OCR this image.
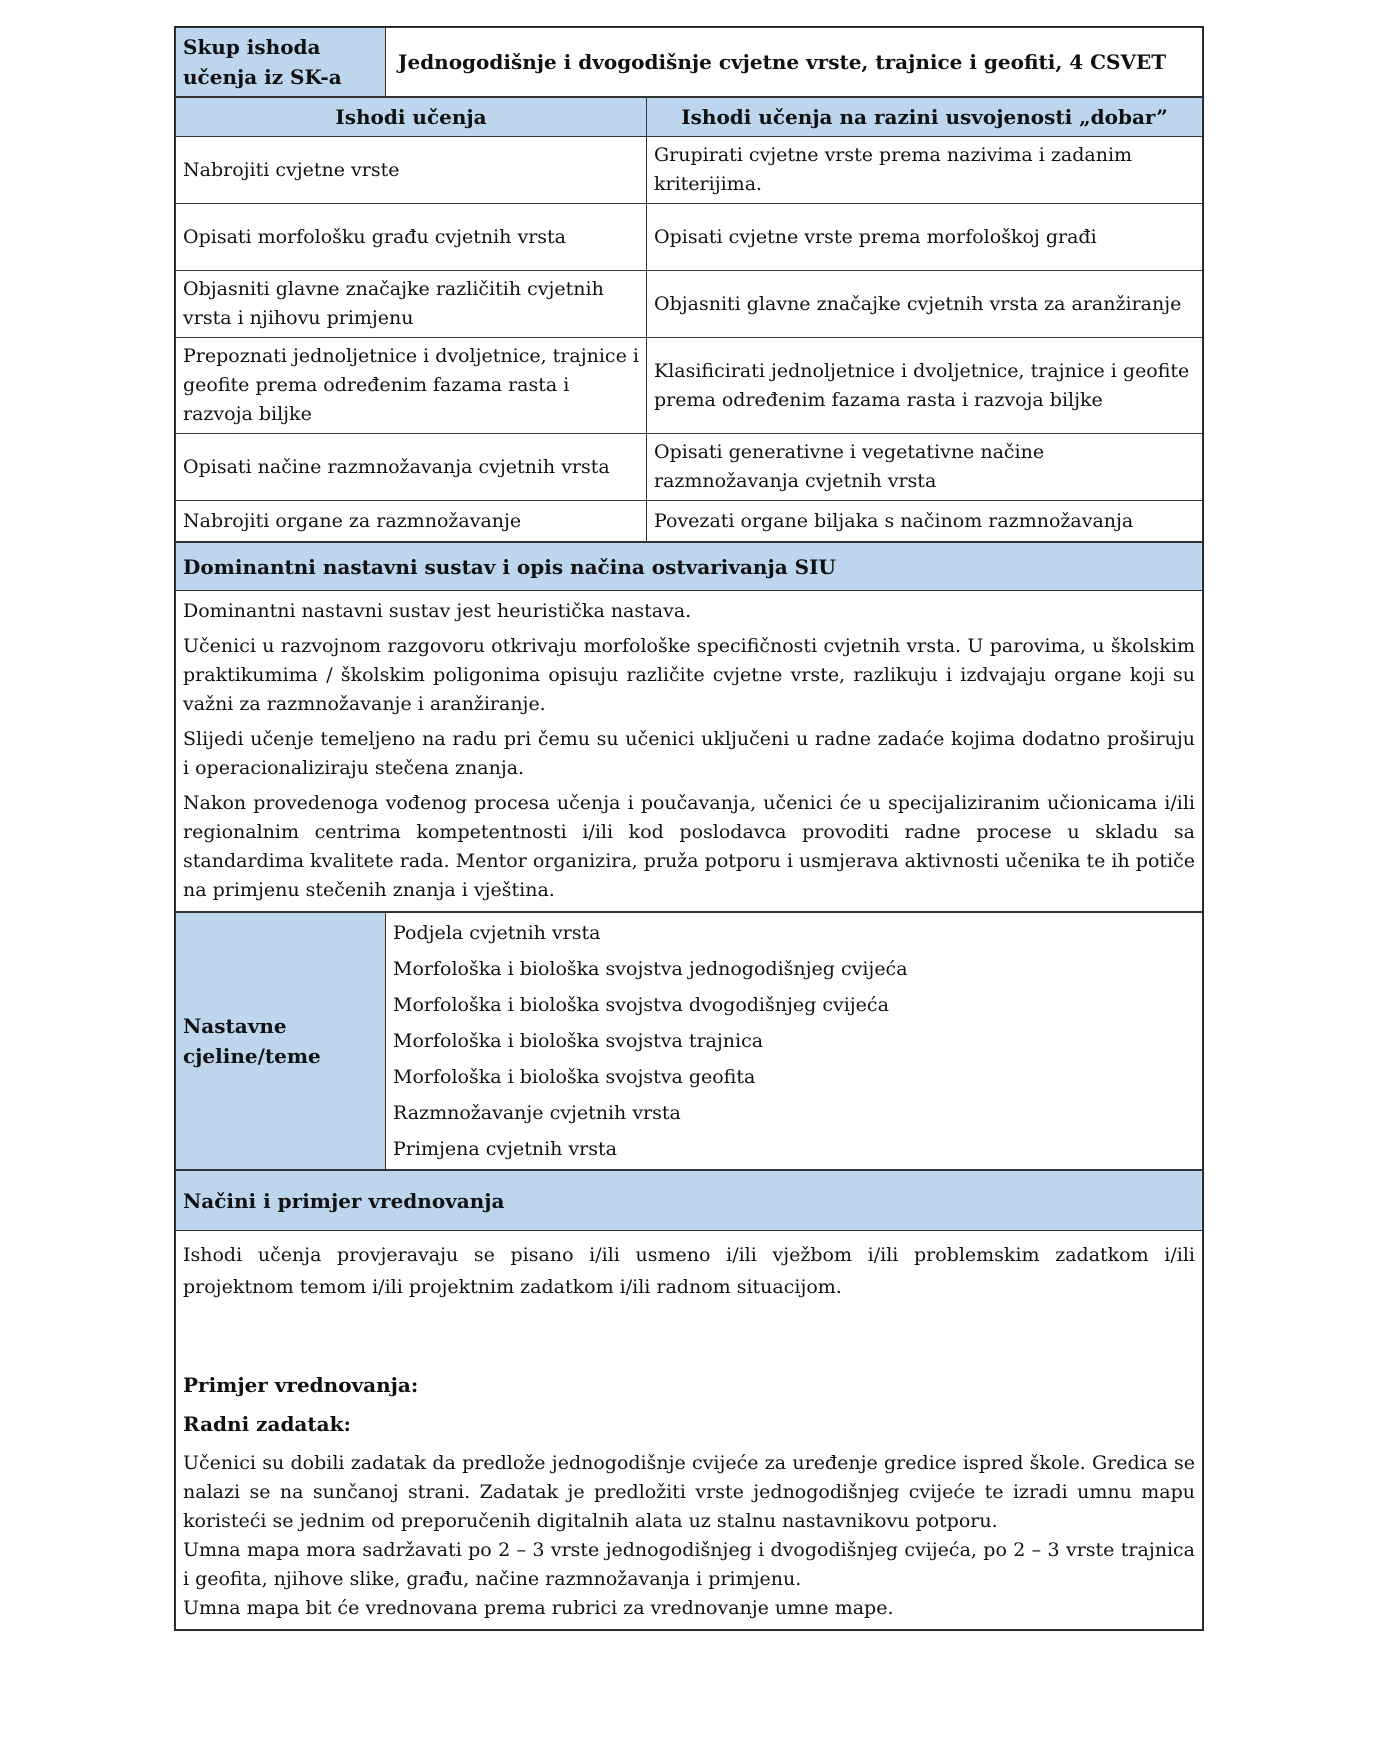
Skup ishoda učenja iz SK-a	Jednogodišnje i dvogodišnje cvjetne vrste, trajnice i geofiti, 4 CSVET
Ishodi učenja	Ishodi učenja na razini usvojenosti „dobar”
Nabrojiti cvjetne vrste	Grupirati cvjetne vrste prema nazivima i zadanim kriterijima.
Opisati morfološku građu cvjetnih vrsta	Opisati cvjetne vrste prema morfološkoj građi
Objasniti glavne značajke različitih cvjetnih vrsta i njihovu primjenu	Objasniti glavne značajke cvjetnih vrsta za aranžiranje
Prepoznati jednoljetnice i dvoljetnice, trajnice i geofite prema određenim fazama rasta i razvoja biljke	Klasificirati jednoljetnice i dvoljetnice, trajnice i geofite prema određenim fazama rasta i razvoja biljke
Opisati načine razmnožavanja cvjetnih vrsta	Opisati generativne i vegetativne načine razmnožavanja cvjetnih vrsta
Nabrojiti organe za razmnožavanje	Povezati organe biljaka s načinom razmnožavanja
Dominantni nastavni sustav i opis načina ostvarivanja SIU

Dominantni nastavni sustav jest heuristička nastava.

Učenici u razvojnom razgovoru otkrivaju morfološke specifičnosti cvjetnih vrsta. U parovima, u školskim praktikumima / školskim poligonima opisuju različite cvjetne vrste, razlikuju i izdvajaju organe koji su važni za razmnožavanje i aranžiranje.

Slijedi učenje temeljeno na radu pri čemu su učenici uključeni u radne zadaće kojima dodatno proširuju i operacionaliziraju stečena znanja.

Nakon provedenoga vođenog procesa učenja i poučavanja, učenici će u specijaliziranim učionicama i/ili regionalnim centrima kompetentnosti i/ili kod poslodavca provoditi radne procese u skladu sa standardima kvalitete rada. Mentor organizira, pruža potporu i usmjerava aktivnosti učenika te ih potiče na primjenu stečenih znanja i vještina.

Nastavne cjeline/teme	
Podjela cvjetnih vrsta
Morfološka i biološka svojstva jednogodišnjeg cvijeća
Morfološka i biološka svojstva dvogodišnjeg cvijeća
Morfološka i biološka svojstva trajnica
Morfološka i biološka svojstva geofita
Razmnožavanje cvjetnih vrsta
Primjena cvjetnih vrsta
Načini i primjer vrednovanja

Ishodi učenja provjeravaju se pisano i/ili usmeno i/ili vježbom i/ili problemskim zadatkom i/ili projektnom temom i/ili projektnim zadatkom i/ili radnom situacijom.

Primjer vrednovanja:

Radni zadatak:

Učenici su dobili zadatak da predlože jednogodišnje cvijeće za uređenje gredice ispred škole. Gredica se nalazi se na sunčanoj strani. Zadatak je predložiti vrste jednogodišnjeg cvijeće te izradi umnu mapu koristeći se jednim od preporučenih digitalnih alata uz stalnu nastavnikovu potporu.

Umna mapa mora sadržavati po 2 – 3 vrste jednogodišnjeg i dvogodišnjeg cvijeća, po 2 – 3 vrste trajnica i geofita, njihove slike, građu, načine razmnožavanja i primjenu.

Umna mapa bit će vrednovana prema rubrici za vrednovanje umne mape.
